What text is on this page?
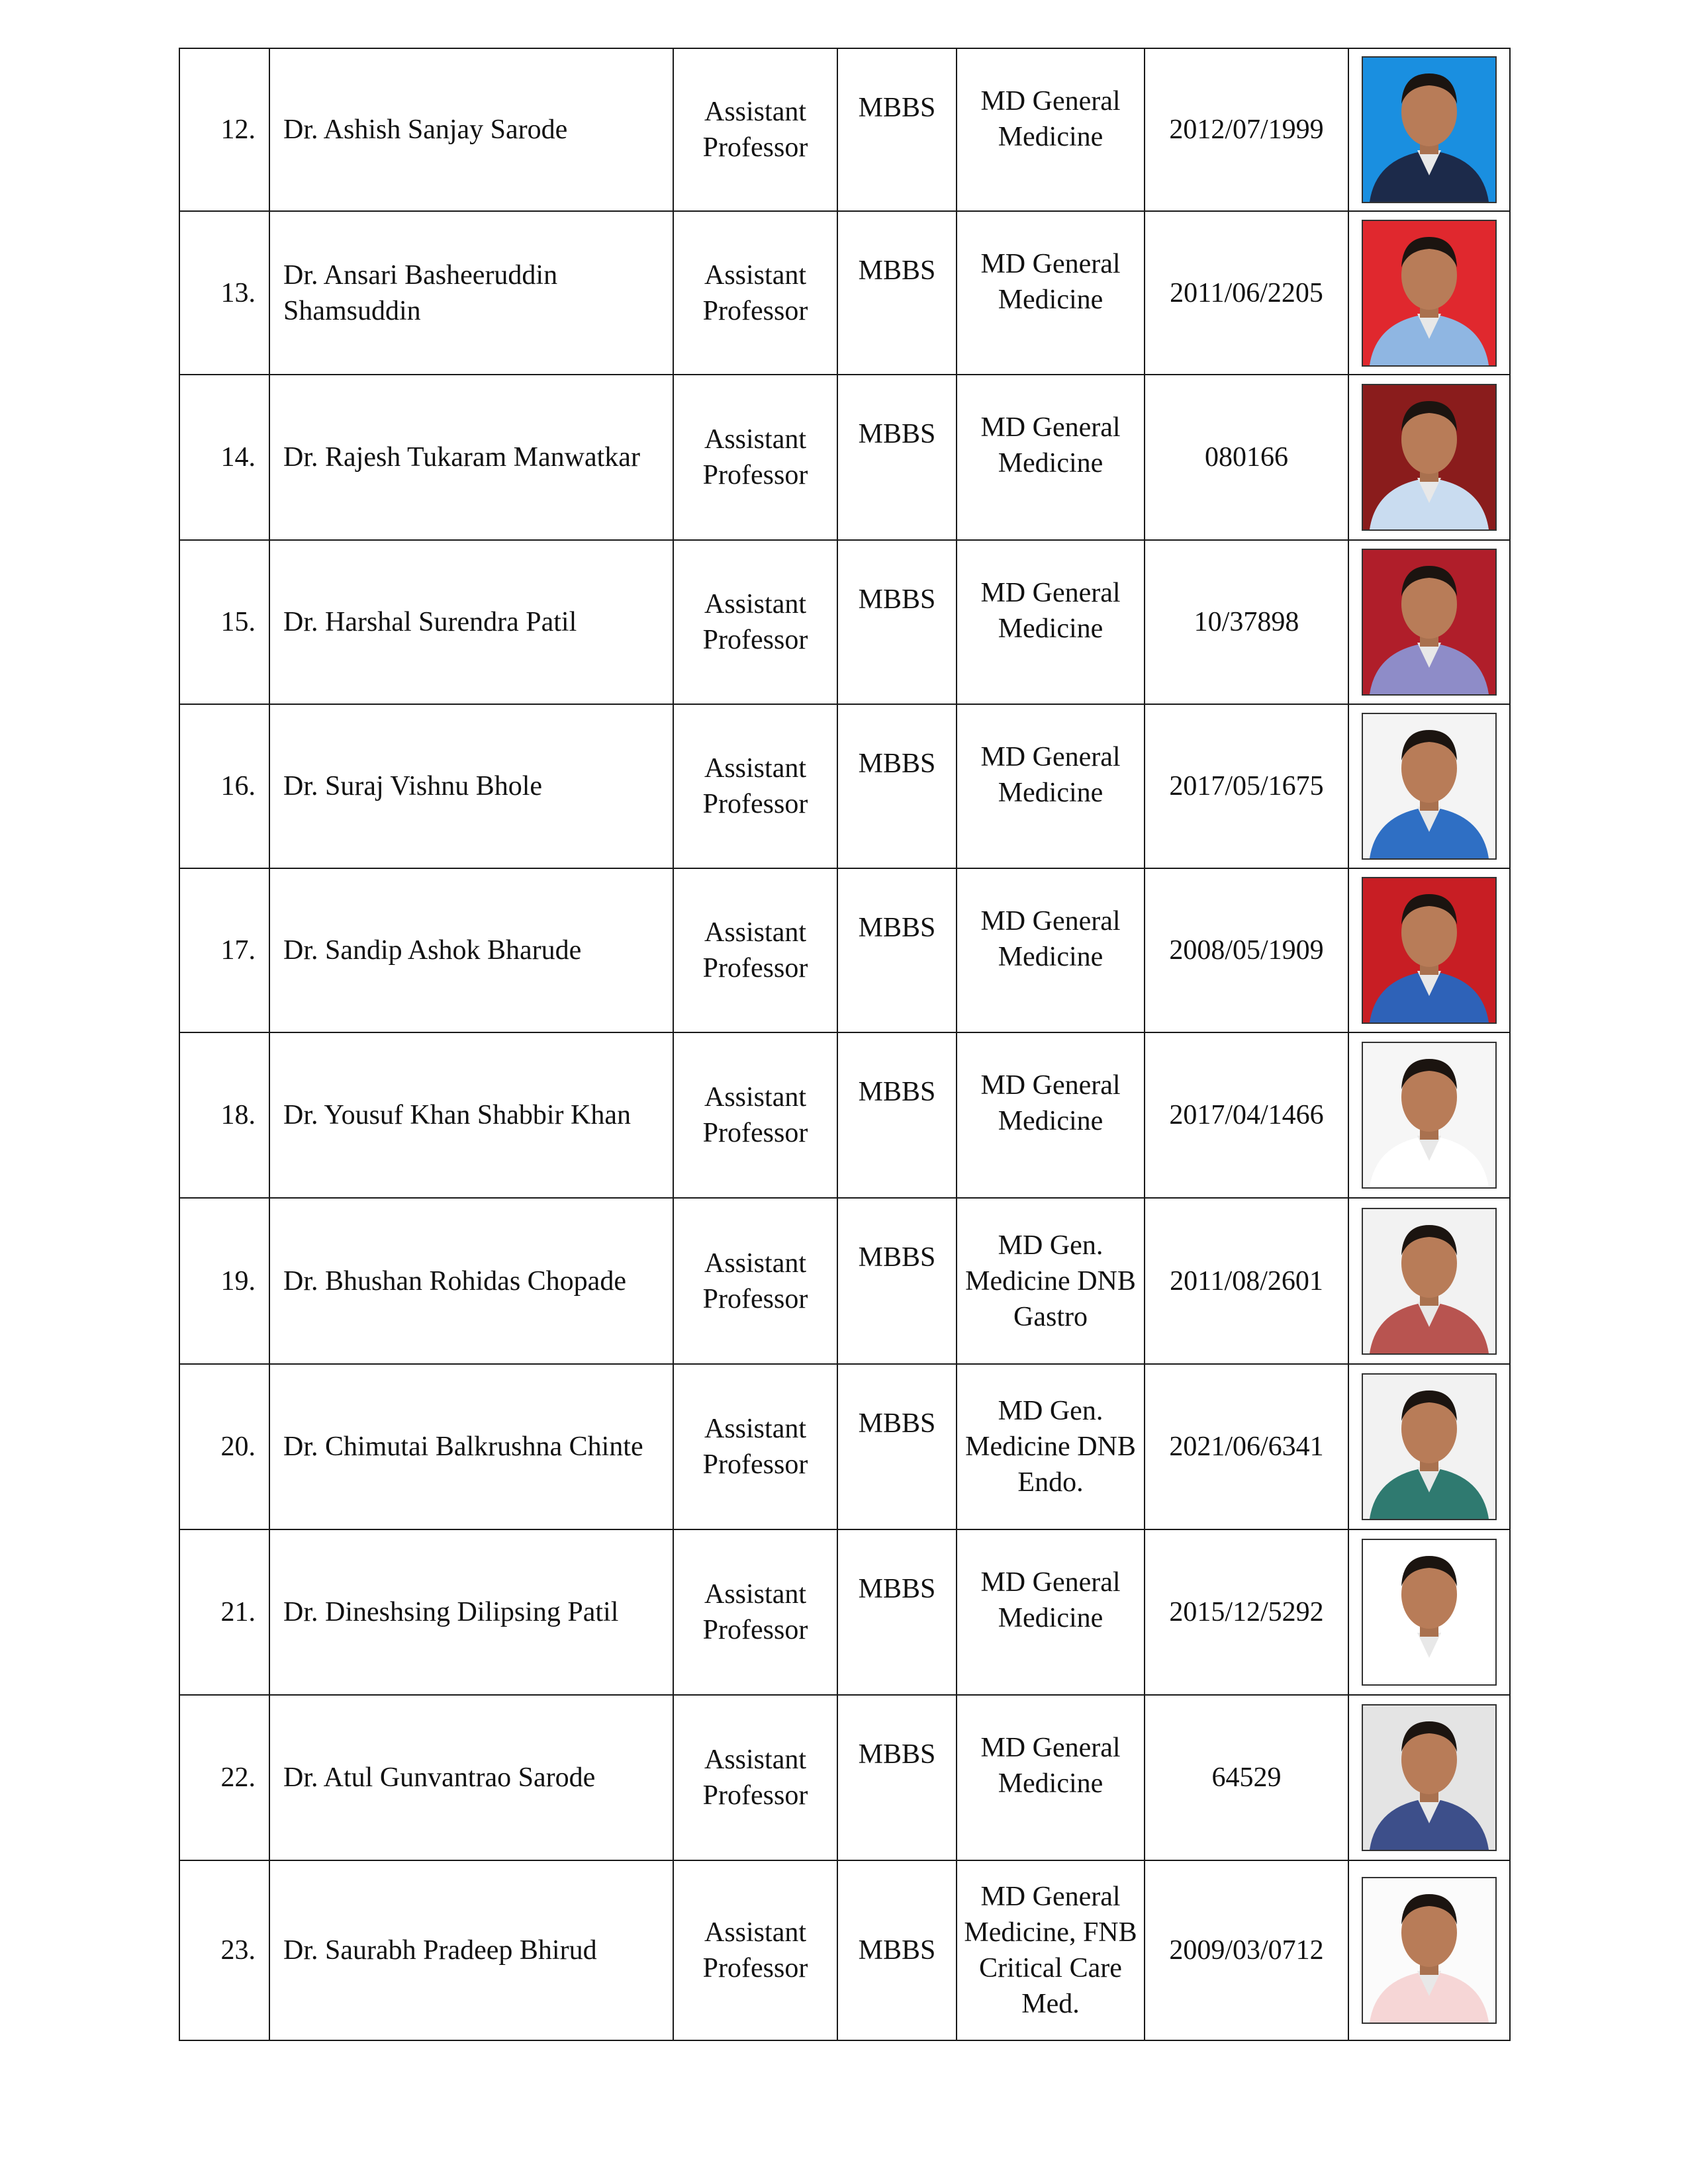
12.	Dr. Ashish Sanjay Sarode	Assistant Professor	MBBS	MD General Medicine	2012/07/1999	

13.	Dr. Ansari Basheeruddin Shamsuddin	Assistant Professor	MBBS	MD General Medicine	2011/06/2205	

14.	Dr. Rajesh Tukaram Manwatkar	Assistant Professor	MBBS	MD General Medicine	080166	

15.	Dr. Harshal Surendra Patil	Assistant Professor	MBBS	MD General Medicine	10/37898	

16.	Dr. Suraj Vishnu Bhole	Assistant Professor	MBBS	MD General Medicine	2017/05/1675	

17.	Dr. Sandip Ashok Bharude	Assistant Professor	MBBS	MD General Medicine	2008/05/1909	

18.	Dr. Yousuf Khan Shabbir Khan	Assistant Professor	MBBS	MD General Medicine	2017/04/1466	

19.	Dr. Bhushan Rohidas Chopade	Assistant Professor	MBBS	MD Gen. Medicine DNB Gastro	2011/08/2601	

20.	Dr. Chimutai Balkrushna Chinte	Assistant Professor	MBBS	MD Gen. Medicine DNB Endo.	2021/06/6341	

21.	Dr. Dineshsing Dilipsing Patil	Assistant Professor	MBBS	MD General Medicine	2015/12/5292	

22.	Dr. Atul Gunvantrao Sarode	Assistant Professor	MBBS	MD General Medicine	64529	

23.	Dr. Saurabh Pradeep Bhirud	Assistant Professor	MBBS	MD General Medicine, FNB Critical Care Med.	2009/03/0712	
